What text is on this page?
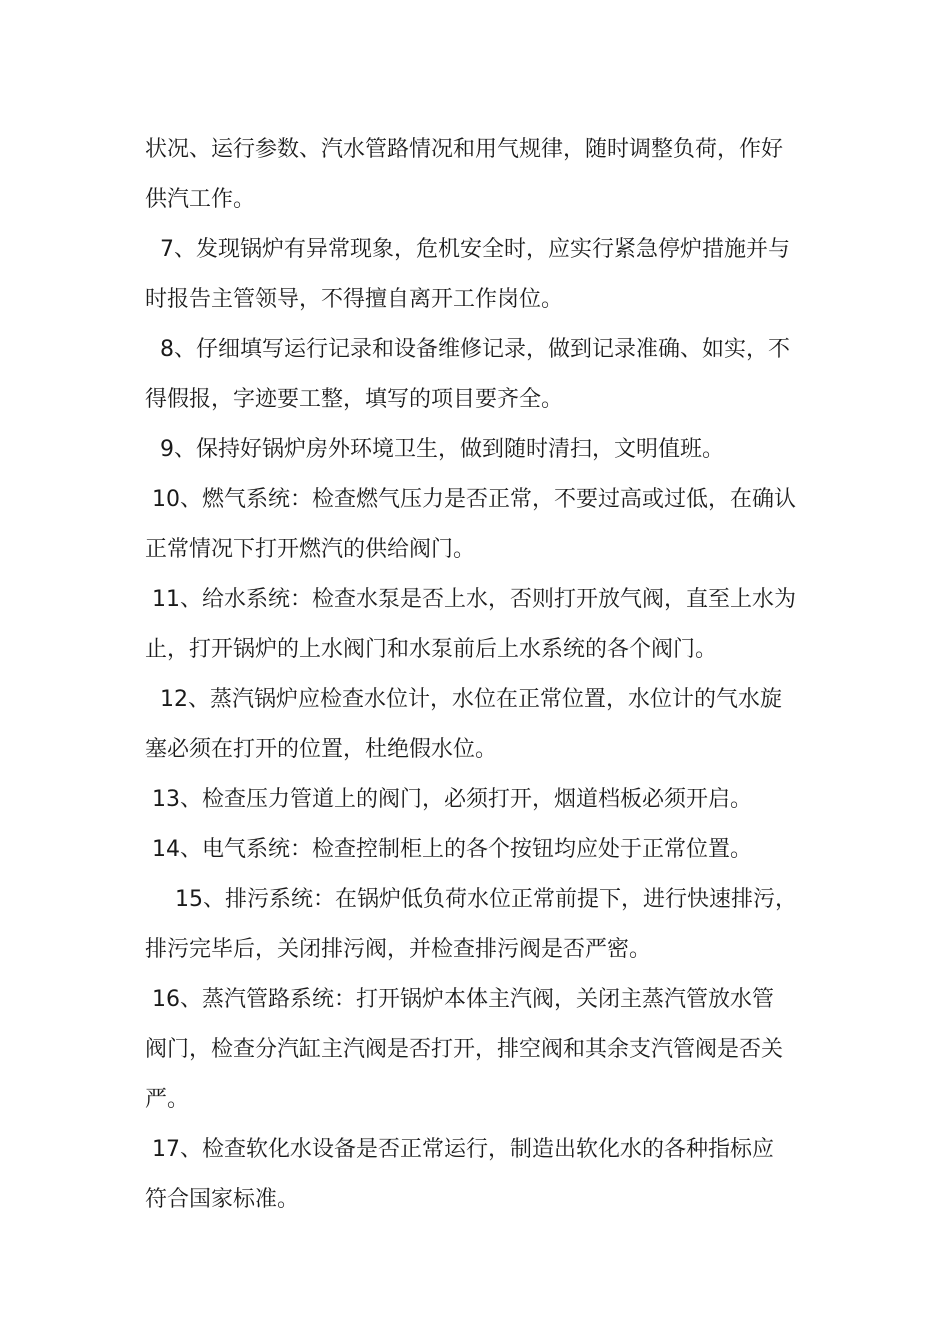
状况、运行参数、汽水管路情况和用气规律，随时调整负荷，作好
供汽工作。
7、发现锅炉有异常现象，危机安全时，应实行紧急停炉措施并与
时报告主管领导，不得擅自离开工作岗位。
8、仔细填写运行记录和设备维修记录，做到记录准确、如实，不
得假报，字迹要工整，填写的项目要齐全。
9、保持好锅炉房外环境卫生，做到随时清扫，文明值班。
10、燃气系统：检查燃气压力是否正常，不要过高或过低，在确认
正常情况下打开燃汽的供给阀门。
11、给水系统：检查水泵是否上水，否则打开放气阀，直至上水为
止，打开锅炉的上水阀门和水泵前后上水系统的各个阀门。
12、蒸汽锅炉应检查水位计，水位在正常位置，水位计的气水旋
塞必须在打开的位置，杜绝假水位。
13、检查压力管道上的阀门，必须打开，烟道档板必须开启。
14、电气系统：检查控制柜上的各个按钮均应处于正常位置。
15、排污系统：在锅炉低负荷水位正常前提下，进行快速排污，
排污完毕后，关闭排污阀，并检查排污阀是否严密。
16、蒸汽管路系统：打开锅炉本体主汽阀，关闭主蒸汽管放水管
阀门，检查分汽缸主汽阀是否打开，排空阀和其余支汽管阀是否关
严。
17、检查软化水设备是否正常运行，制造出软化水的各种指标应
符合国家标准。
